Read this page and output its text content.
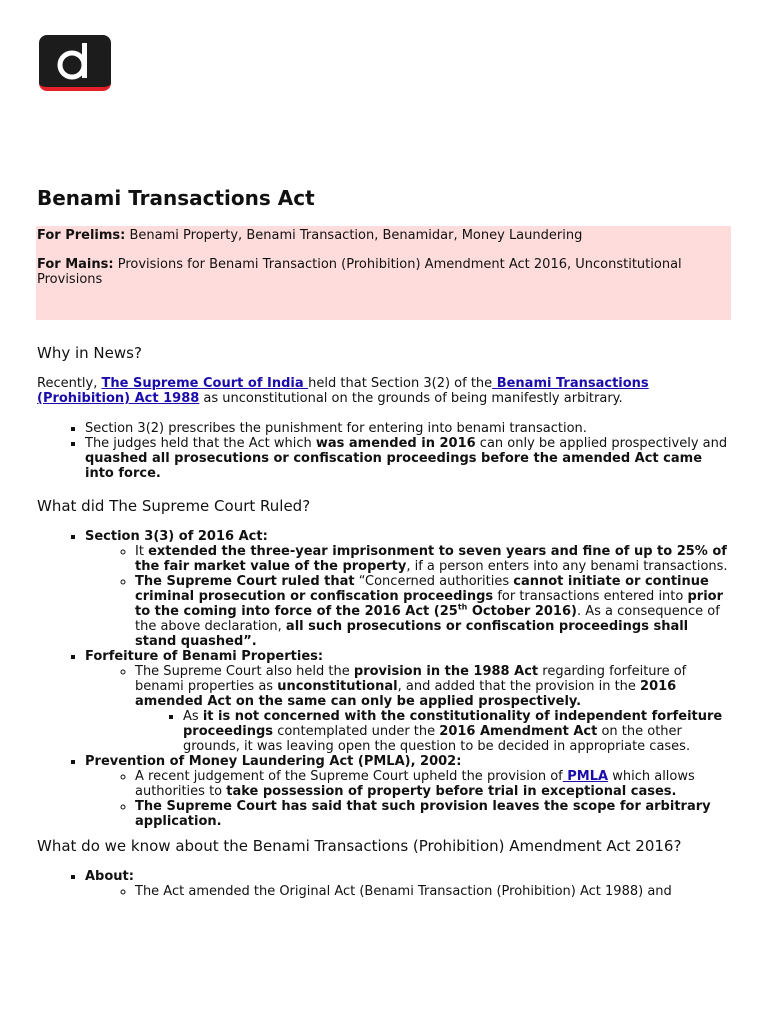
Benami Transactions Act

For Prelims: Benami Property, Benami Transaction, Benamidar, Money Laundering

For Mains: Provisions for Benami Transaction (Prohibition) Amendment Act 2016, Unconstitutional Provisions

Why in News?

Recently, The Supreme Court of India held that Section 3(2) of the Benami Transactions (Prohibition) Act 1988 as unconstitutional on the grounds of being manifestly arbitrary.

▪ Section 3(2) prescribes the punishment for entering into benami transaction.
▪ The judges held that the Act which was amended in 2016 can only be applied prospectively and quashed all prosecutions or confiscation proceedings before the amended Act came into force.
What did The Supreme Court Ruled?
▪ Section 3(3) of 2016 Act:
◦ It extended the three-year imprisonment to seven years and fine of up to 25% of the fair market value of the property, if a person enters into any benami transactions.
◦ The Supreme Court ruled that “Concerned authorities cannot initiate or continue criminal prosecution or confiscation proceedings for transactions entered into prior to the coming into force of the 2016 Act (25th October 2016). As a consequence of the above declaration, all such prosecutions or confiscation proceedings shall stand quashed”.
▪ Forfeiture of Benami Properties:
◦ The Supreme Court also held the provision in the 1988 Act regarding forfeiture of benami properties as unconstitutional, and added that the provision in the 2016 amended Act on the same can only be applied prospectively.
▪ As it is not concerned with the constitutionality of independent forfeiture proceedings contemplated under the 2016 Amendment Act on the other grounds, it was leaving open the question to be decided in appropriate cases.
▪ Prevention of Money Laundering Act (PMLA), 2002:
◦ A recent judgement of the Supreme Court upheld the provision of PMLA which allows authorities to take possession of property before trial in exceptional cases.
◦ The Supreme Court has said that such provision leaves the scope for arbitrary application.
What do we know about the Benami Transactions (Prohibition) Amendment Act 2016?
▪ About:
◦ The Act amended the Original Act (Benami Transaction (Prohibition) Act 1988) and
